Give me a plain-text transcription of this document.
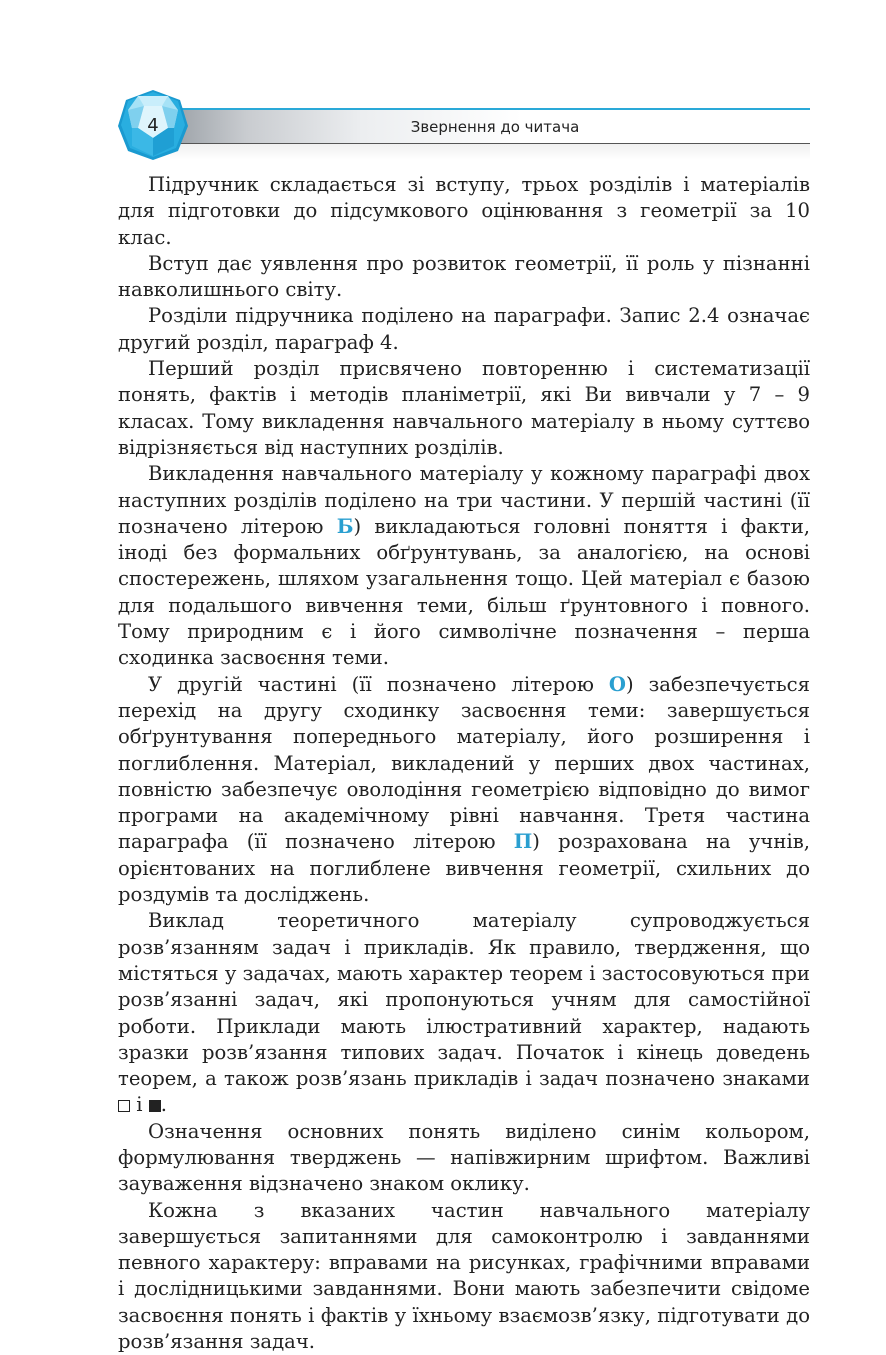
4	Звернення до читача

Підручник складається зі вступу, трьох розділів і матеріалів для підготовки до підсумкового оцінювання з геометрії за 10 клас.

Вступ дає уявлення про розвиток геометрії, її роль у пізнанні навколишнього світу.

Розділи підручника поділено на параграфи. Запис 2.4 означає другий розділ, параграф 4.

Перший розділ присвячено повторенню і систематизації понять, фактів і методів планіметрії, які Ви вивчали у 7 – 9 класах. Тому викладення навчального матеріалу в ньому суттєво відрізняється від наступних розділів.

Викладення навчального матеріалу у кожному параграфі двох наступних розділів поділено на три частини. У першій частині (її позначено літерою Б) викладаються головні поняття і факти, іноді без формальних обґрунтувань, за аналогією, на основі спостережень, шляхом узагальнення тощо. Цей матеріал є базою для подальшого вивчення теми, більш ґрунтовного і повного. Тому природним є і його символічне позначення – перша сходинка засвоєння теми.

У другій частині (її позначено літерою О) забезпечується перехід на другу сходинку засвоєння теми: завершується обґрунтування попереднього матеріалу, його розширення і поглиблення. Матеріал, викладений у перших двох частинах, повністю забезпечує оволодіння геометрією відповідно до вимог програми на академічному рівні навчання. Третя частина параграфа (її позначено літерою П) розрахована на учнів, орієнтованих на поглиблене вивчення геометрії, схильних до роздумів та досліджень.

Виклад теоретичного матеріалу супроводжується розв’язанням задач і прикладів. Як правило, твердження, що містяться у задачах, мають характер теорем і застосовуються при розв’язанні задач, які пропонуються учням для самостійної роботи. Приклади мають ілюстративний характер, надають зразки розв’язання типових задач. Початок і кінець доведень теорем, а також розв’язань прикладів і задач позначено знаками  і .

Означення основних понять виділено синім кольором, формулювання тверджень — напівжирним шрифтом. Важливі зауваження відзначено знаком оклику.

Кожна з вказаних частин навчального матеріалу завершується запитаннями для самоконтролю і завданнями певного характеру: вправами на рисунках, графічними вправами і дослідницькими завданнями. Вони мають забезпечити свідоме засвоєння понять і фактів у їхньому взаємозв’язку, підготувати до розв’язання задач.
